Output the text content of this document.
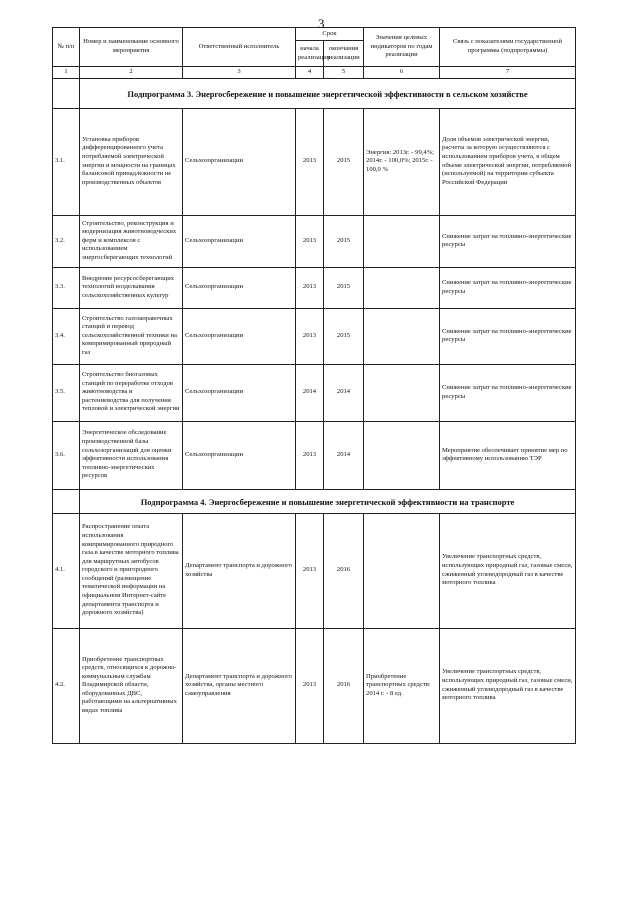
3
№ п/п	Номер и наименование основного мероприятия	Ответственный исполнитель	Срок		Значения целевых индикаторов по годам реализации	Связь с показателями государственной программы (подпрограммы)
			начала реализации	окончания реализации		
1	2	3	4	5	6	7
	Подпрограмма 3. Энергосбережение и повышение энергетической эффективности в сельском хозяйстве					
3.1.	Установка приборов дифференцированного учета потребляемой электрической энергии и мощности на границах балансовой принадлежности не производственных объектов	Сельхозорганизации	2013	2015	Энергия: 2013г. - 99,4%; 2014г. - 100,0%; 2015г. - 100,0 %	Доля объемов электрической энергии, расчеты за которую осуществляются с использованием приборов учета, в общем объеме электрической энергии, потребляемой (используемой) на территории субъекта Российской Федерации
3.2.	Строительство, реконструкция и модернизация животноводческих ферм и комплексов с использованием энергосберегающих технологий	Сельхозорганизации	2013	2015		Снижение затрат на топливно-энергетические ресурсы
3.3.	Внедрение ресурсосберегающих технологий возделывания сельскохозяйственных культур	Сельхозорганизации	2013	2015		Снижение затрат на топливно-энергетические ресурсы
3.4.	Строительство газозаправочных станций и перевод сельскохозяйственной техники на компримированный природный газ	Сельхозорганизации	2013	2015		Снижение затрат на топливно-энергетические ресурсы
3.5.	Строительство биогазовых станций по переработке отходов животноводства и растениеводства для получения тепловой и электрической энергии	Сельхозорганизации	2014	2014		Снижение затрат на топливно-энергетические ресурсы
3.6.	Энергетическое обследование производственной базы сельхозорганизаций для оценки эффективности использования топливно-энергетических ресурсов	Сельхозорганизации	2013	2014		Мероприятие обеспечивает принятие мер по эффективному использованию ТЭР
	Подпрограмма 4. Энергосбережение и повышение энергетической эффективности на транспорте					
4.1.	Распространение опыта использования компримированного природного газа в качестве моторного топлива для маршрутных автобусов городского и пригородного сообщений (размещение тематической информации на официальном Интернет-сайте департамента транспорта и дорожного хозяйства)	Департамент транспорта и дорожного хозяйства	2013	2016		Увеличение транспортных средств, использующих природный газ, газовые смеси, сжиженный углеводородный газ в качестве моторного топлива
4.2.	Приобретение транспортных средств, относящихся к дорожно-коммунальным службам Владимирской области, оборудованных ДВС, работающими на альтернативных видах топлива	Департамент транспорта и дорожного хозяйства, органы местного самоуправления	2013	2016	Приобретение транспортных средств: 2014 г. - 8 ед.	Увеличение транспортных средств, использующих природный газ, газовые смеси, сжиженный углеводородный газ в качестве моторного топлива
